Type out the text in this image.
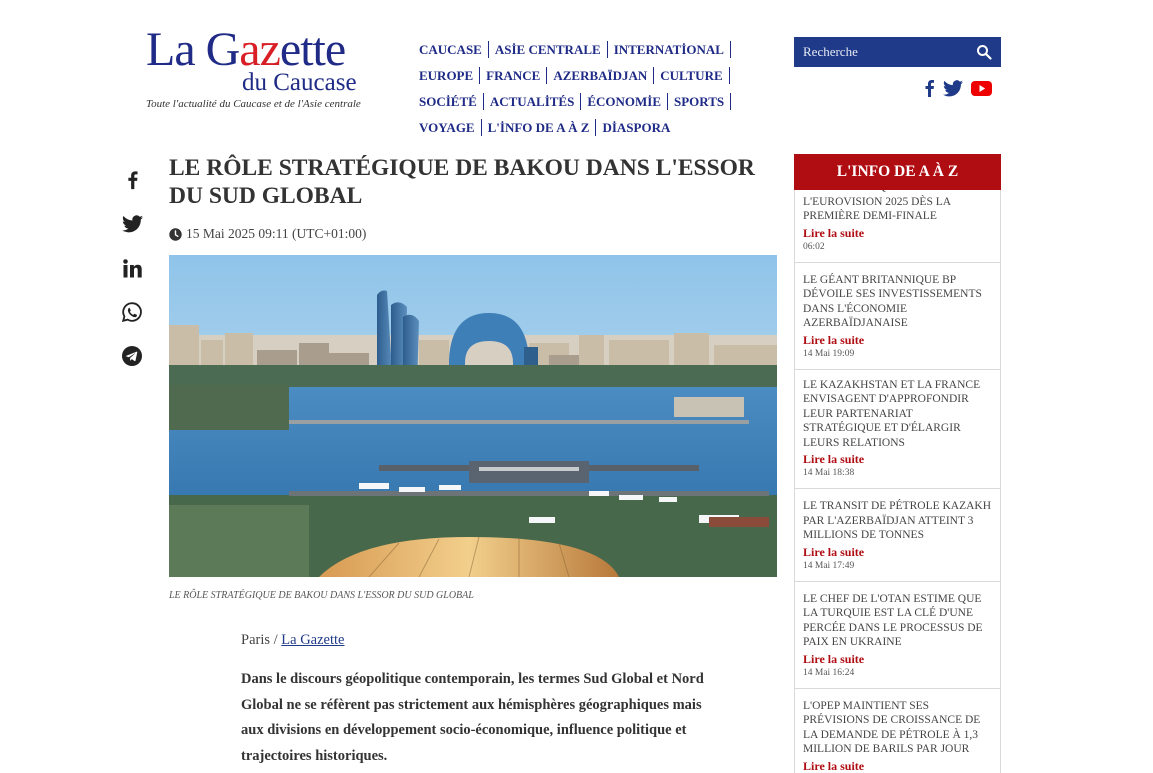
La Gazette
du Caucase
Toute l'actualité du Caucase et de l'Asie centrale
CAUCASE	ASİE CENTRALE	INTERNATİONAL
EUROPE	FRANCE	AZERBAÏDJAN	CULTURE
SOCİÉTÉ	ACTUALİTÉS	ÉCONOMİE	SPORTS
VOYAGE	L'İNFO DE A À Z	DİASPORA
Recherche
LE RÔLE STRATÉGIQUE DE BAKOU DANS L'ESSOR DU SUD GLOBAL
15 Mai 2025 09:11 (UTC+01:00)
LE RÔLE STRATÉGIQUE DE BAKOU DANS L'ESSOR DU SUD GLOBAL
Paris / La Gazette

Dans le discours géopolitique contemporain, les termes Sud Global et Nord Global ne se réfèrent pas strictement aux hémisphères géographiques mais aux divisions en développement socio-économique, influence politique et trajectoires historiques.

L'INFO DE A À Z
L'EUROVISION 2025 DÈS LA PREMIÈRE DEMI-FINALE
Lire la suite
06:02
LE GÉANT BRITANNIQUE BP DÉVOILE SES INVESTISSEMENTS DANS L'ÉCONOMIE AZERBAÏDJANAISE
Lire la suite
14 Mai 19:09
LE KAZAKHSTAN ET LA FRANCE ENVISAGENT D'APPROFONDIR LEUR PARTENARIAT STRATÉGIQUE ET D'ÉLARGIR LEURS RELATIONS
Lire la suite
14 Mai 18:38
LE TRANSIT DE PÉTROLE KAZAKH PAR L'AZERBAÏDJAN ATTEINT 3 MILLIONS DE TONNES
Lire la suite
14 Mai 17:49
LE CHEF DE L'OTAN ESTIME QUE LA TURQUIE EST LA CLÉ D'UNE PERCÉE DANS LE PROCESSUS DE PAIX EN UKRAINE
Lire la suite
14 Mai 16:24
L'OPEP MAINTIENT SES PRÉVISIONS DE CROISSANCE DE LA DEMANDE DE PÉTROLE À 1,3 MILLION DE BARILS PAR JOUR
Lire la suite
